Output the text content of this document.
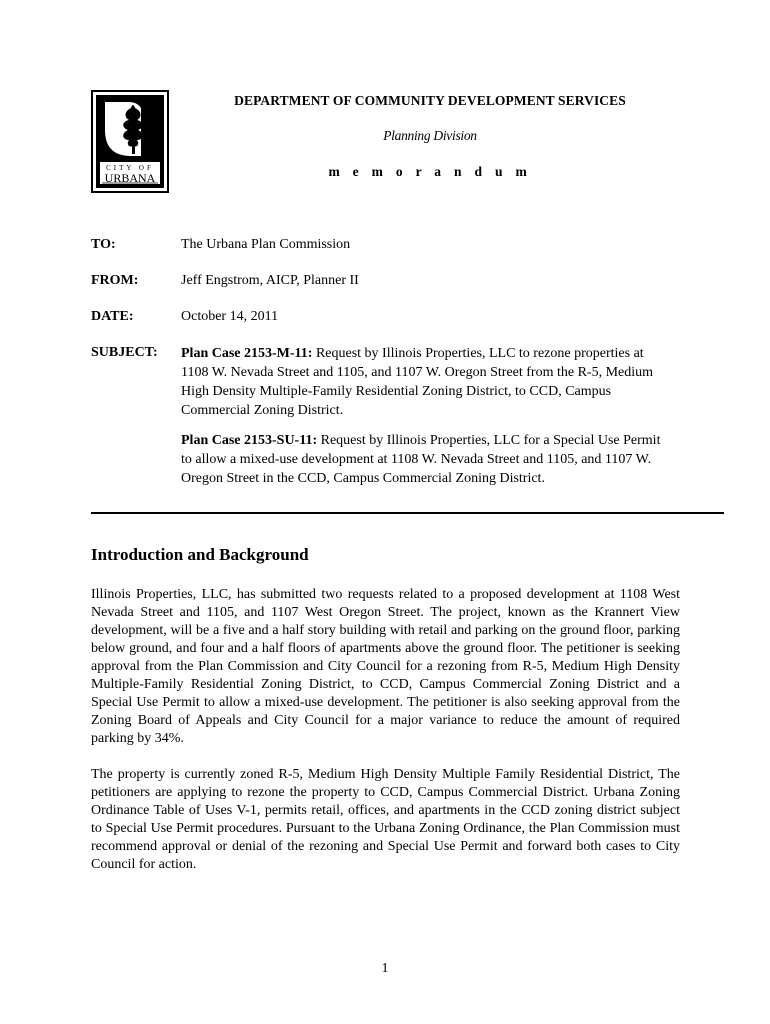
CITY OF
URBANA
DEPARTMENT OF COMMUNITY DEVELOPMENT SERVICES
Planning Division
m e m o r a n d u m
TO:	The Urbana Plan Commission
FROM:	Jeff Engstrom, AICP, Planner II
DATE:	October 14, 2011
SUBJECT: Plan Case 2153-M-11: Request by Illinois Properties, LLC to rezone properties at 1108 W. Nevada Street and 1105, and 1107 W. Oregon Street from the R-5, Medium High Density Multiple-Family Residential Zoning District, to CCD, Campus Commercial Zoning District.
Plan Case 2153-SU-11: Request by Illinois Properties, LLC for a Special Use Permit to allow a mixed-use development at 1108 W. Nevada Street and 1105, and 1107 W. Oregon Street in the CCD, Campus Commercial Zoning District.
Introduction and Background
Illinois Properties, LLC, has submitted two requests related to a proposed development at 1108 West Nevada Street and 1105, and 1107 West Oregon Street. The project, known as the Krannert View development, will be a five and a half story building with retail and parking on the ground floor, parking below ground, and four and a half floors of apartments above the ground floor. The petitioner is seeking approval from the Plan Commission and City Council for a rezoning from R-5, Medium High Density Multiple-Family Residential Zoning District, to CCD, Campus Commercial Zoning District and a Special Use Permit to allow a mixed-use development. The petitioner is also seeking approval from the Zoning Board of Appeals and City Council for a major variance to reduce the amount of required parking by 34%.
The property is currently zoned R-5, Medium High Density Multiple Family Residential District, The petitioners are applying to rezone the property to CCD, Campus Commercial District. Urbana Zoning Ordinance Table of Uses V-1, permits retail, offices, and apartments in the CCD zoning district subject to Special Use Permit procedures. Pursuant to the Urbana Zoning Ordinance, the Plan Commission must recommend approval or denial of the rezoning and Special Use Permit and forward both cases to City Council for action.
1
